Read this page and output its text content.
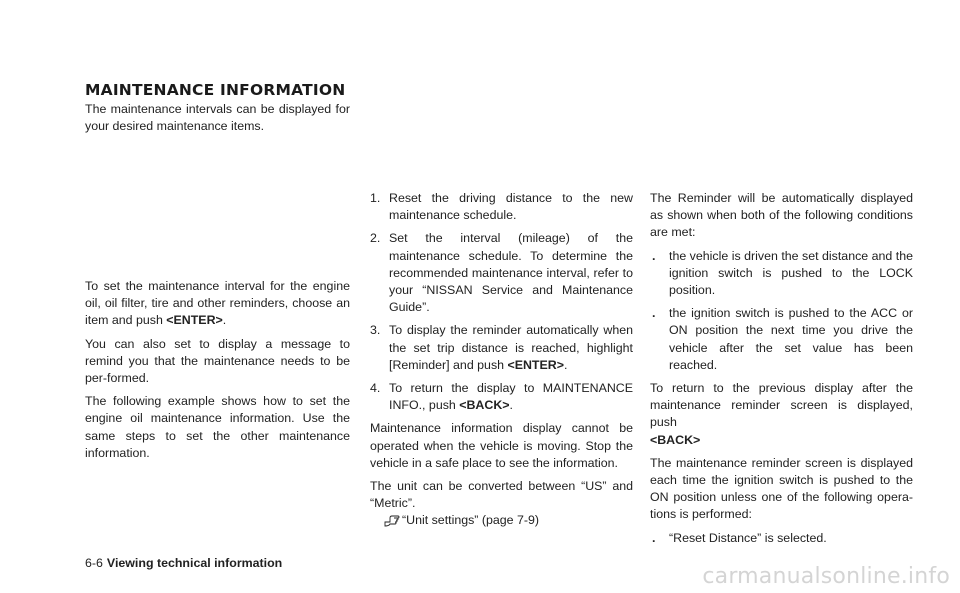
MAINTENANCE INFORMATION

The maintenance intervals can be displayed for your desired maintenance items.

To set the maintenance interval for the engine oil, oil filter, tire and other reminders, choose an item and push <ENTER>.

You can also set to display a message to remind you that the maintenance needs to be per-formed.

The following example shows how to set the engine oil maintenance information. Use the same steps to set the other maintenance information.

1. Reset the driving distance to the new maintenance schedule.
2. Set the interval (mileage) of the maintenance schedule. To determine the recommended maintenance interval, refer to your “NISSAN Service and Maintenance Guide”.
3. To display the reminder automatically when the set trip distance is reached, highlight [Reminder] and push <ENTER>.
4. To return the display to MAINTENANCE INFO., push <BACK>.

Maintenance information display cannot be operated when the vehicle is moving. Stop the vehicle in a safe place to see the information.

The unit can be converted between “US” and “Metric”.

“Unit settings” (page 7-9)

The Reminder will be automatically displayed as shown when both of the following conditions are met:

. the vehicle is driven the set distance and the ignition switch is pushed to the LOCK position.
. the ignition switch is pushed to the ACC or ON position the next time you drive the vehicle after the set value has been reached.

To return to the previous display after the maintenance reminder screen is displayed, push
<BACK>

The maintenance reminder screen is displayed each time the ignition switch is pushed to the ON position unless one of the following opera-tions is performed:

. “Reset Distance” is selected.
6-6 Viewing technical information
carmanualsonline.info
